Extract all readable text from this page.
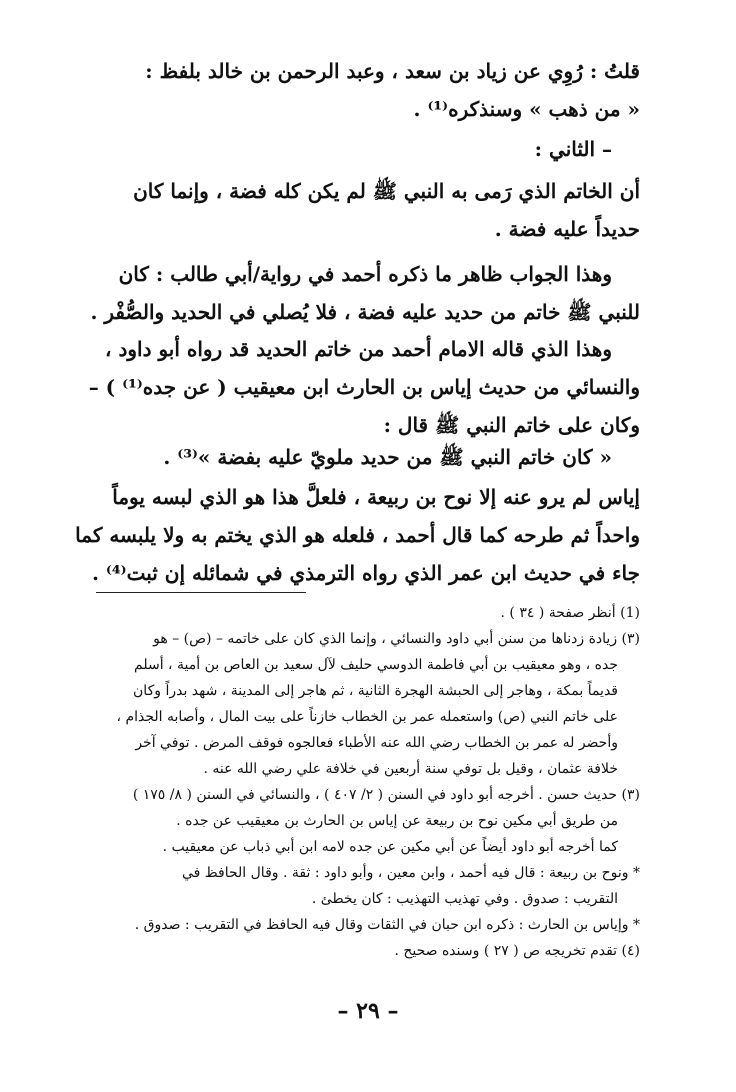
قلتُ : رُوِي عن زياد بن سعد ، وعبد الرحمن بن خالد بلفظ :
« من ذهب » وسنذكره⁽¹⁾ .
– الثاني :
أن الخاتم الذي رَمى به النبي ﷺ لم يكن كله فضة ، وإنما كان
حديداً عليه فضة .
وهذا الجواب ظاهر ما ذكره أحمد في رواية/أبي طالب : كان
للنبي ﷺ خاتم من حديد عليه فضة ، فلا يُصلي في الحديد والصُّفْر .
وهذا الذي قاله الامام أحمد من خاتم الحديد قد رواه أبو داود ،
والنسائي من حديث إياس بن الحارث ابن معيقيب ( عن جده⁽¹⁾ ) –
وكان على خاتم النبي ﷺ قال :
« كان خاتم النبي ﷺ من حديد ملويّ عليه بفضة »⁽³⁾ .
إياس لم يرو عنه إلا نوح بن ربيعة ، فلعلَّ هذا هو الذي لبسه يوماً
واحداً ثم طرحه كما قال أحمد ، فلعله هو الذي يختم به ولا يلبسه كما
جاء في حديث ابن عمر الذي رواه الترمذي في شمائله إن ثبت⁽⁴⁾ .
(1) أنظر صفحة ( ٣٤ ) .
(٣) زيادة زدناها من سنن أبي داود والنسائي ، وإنما الذي كان على خاتمه – (ص) – هو
جده ، وهو معيقيب بن أبي فاطمة الدوسي حليف لآل سعيد بن العاص بن أمية ، أسلم
قديماً بمكة ، وهاجر إلى الحبشة الهجرة الثانية ، ثم هاجر إلى المدينة ، شهد بدراً وكان
على خاتم النبي (ص) واستعمله عمر بن الخطاب خازناً على بيت المال ، وأصابه الجذام ،
وأحضر له عمر بن الخطاب رضي الله عنه الأطباء فعالجوه فوقف المرض . توفي آخر
خلافة عثمان ، وقيل بل توفي سنة أربعين في خلافة علي رضي الله عنه .
(٣) حديث حسن . أخرجه أبو داود في السنن ( ٢/ ٤٠٧ ) ، والنسائي في السنن ( ٨/ ١٧٥ )
من طريق أبي مكين نوح بن ربيعة عن إياس بن الحارث بن معيقيب عن جده .
كما أخرجه أبو داود أيضاً عن أبي مكين عن جده لامه ابن أبي ذباب عن معيقيب .
* ونوح بن ربيعة : قال فيه أحمد ، وابن معين ، وأبو داود : ثقة . وقال الحافظ في
التقريب : صدوق . وفي تهذيب التهذيب : كان يخطئ .
* وإياس بن الحارث : ذكره ابن حبان في الثقات وقال فيه الحافظ في التقريب : صدوق .
(٤) تقدم تخريجه ص ( ٢٧ ) وسنده صحيح .
– ٢٩ –
